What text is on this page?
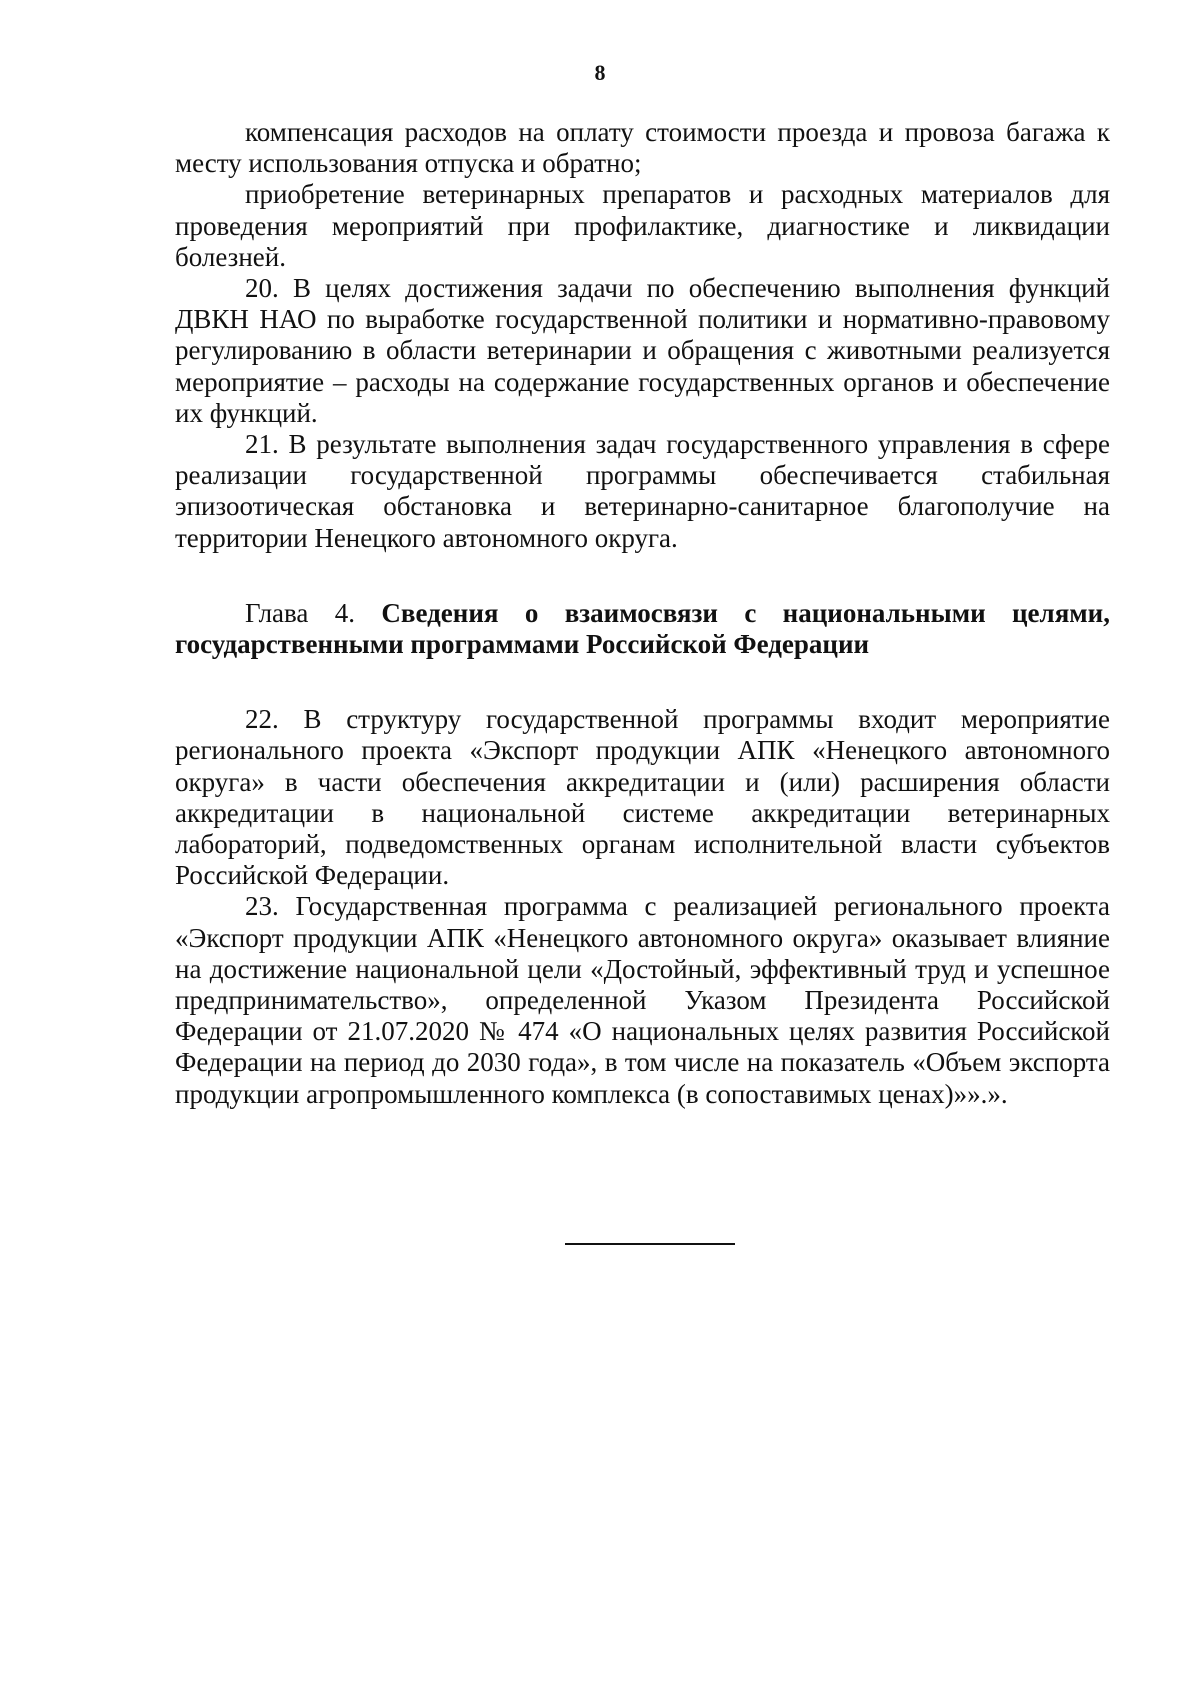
8

компенсация расходов на оплату стоимости проезда и провоза багажа к месту использования отпуска и обратно;

приобретение ветеринарных препаратов и расходных материалов для проведения мероприятий при профилактике, диагностике и ликвидации болезней.

20. В целях достижения задачи по обеспечению выполнения функций ДВКН НАО по выработке государственной политики и нормативно-правовому регулированию в области ветеринарии и обращения с животными реализуется мероприятие – расходы на содержание государственных органов и обеспечение их функций.

21. В результате выполнения задач государственного управления в сфере реализации государственной программы обеспечивается стабильная эпизоотическая обстановка и ветеринарно-санитарное благополучие на территории Ненецкого автономного округа.

Глава 4. Сведения о взаимосвязи с национальными целями, государственными программами Российской Федерации

22. В структуру государственной программы входит мероприятие регионального проекта «Экспорт продукции АПК «Ненецкого автономного округа» в части обеспечения аккредитации и (или) расширения области аккредитации в национальной системе аккредитации ветеринарных лабораторий, подведомственных органам исполнительной власти субъектов Российской Федерации.

23. Государственная программа с реализацией регионального проекта «Экспорт продукции АПК «Ненецкого автономного округа» оказывает влияние на достижение национальной цели «Достойный, эффективный труд и успешное предпринимательство», определенной Указом Президента Российской Федерации от 21.07.2020 № 474 «О национальных целях развития Российской Федерации на период до 2030 года», в том числе на показатель «Объем экспорта продукции агропромышленного комплекса (в сопоставимых ценах)»».».
